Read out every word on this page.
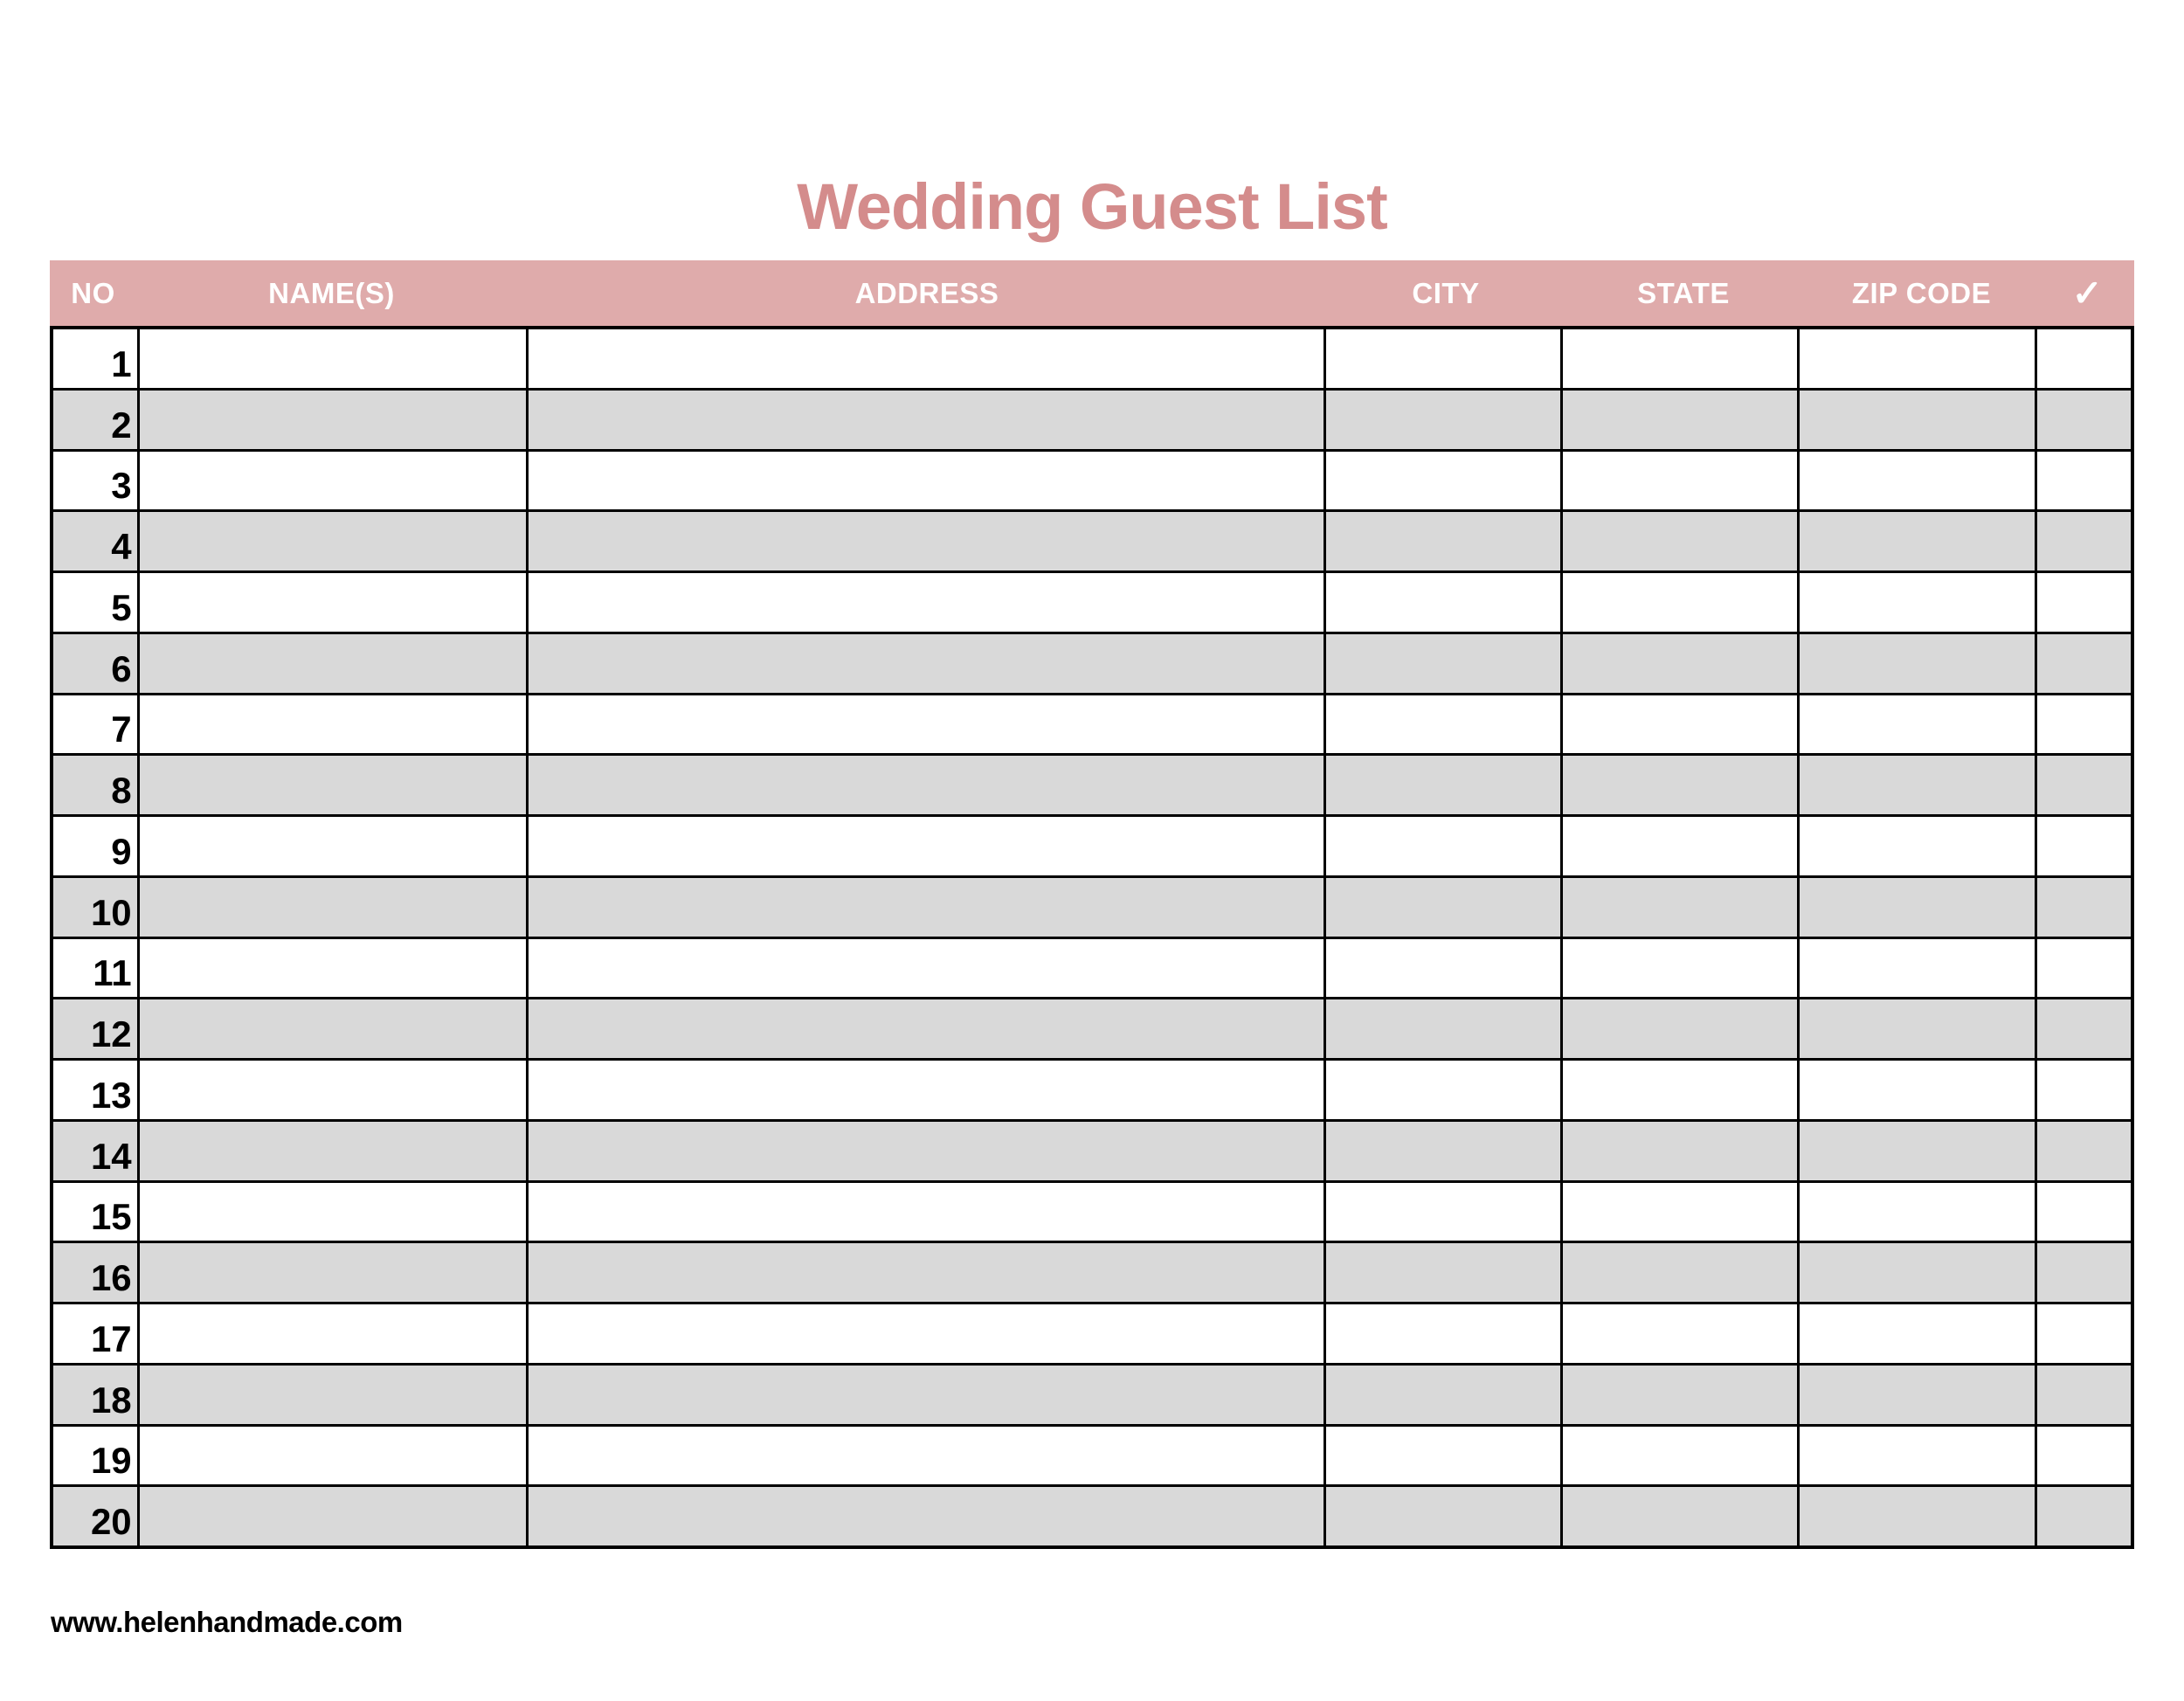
Wedding Guest List
NO	NAME(S)	ADDRESS	CITY	STATE	ZIP CODE	✓
1
2
3
4
5
6
7
8
9
10
11
12
13
14
15
16
17
18
19
20
www.helenhandmade.com
